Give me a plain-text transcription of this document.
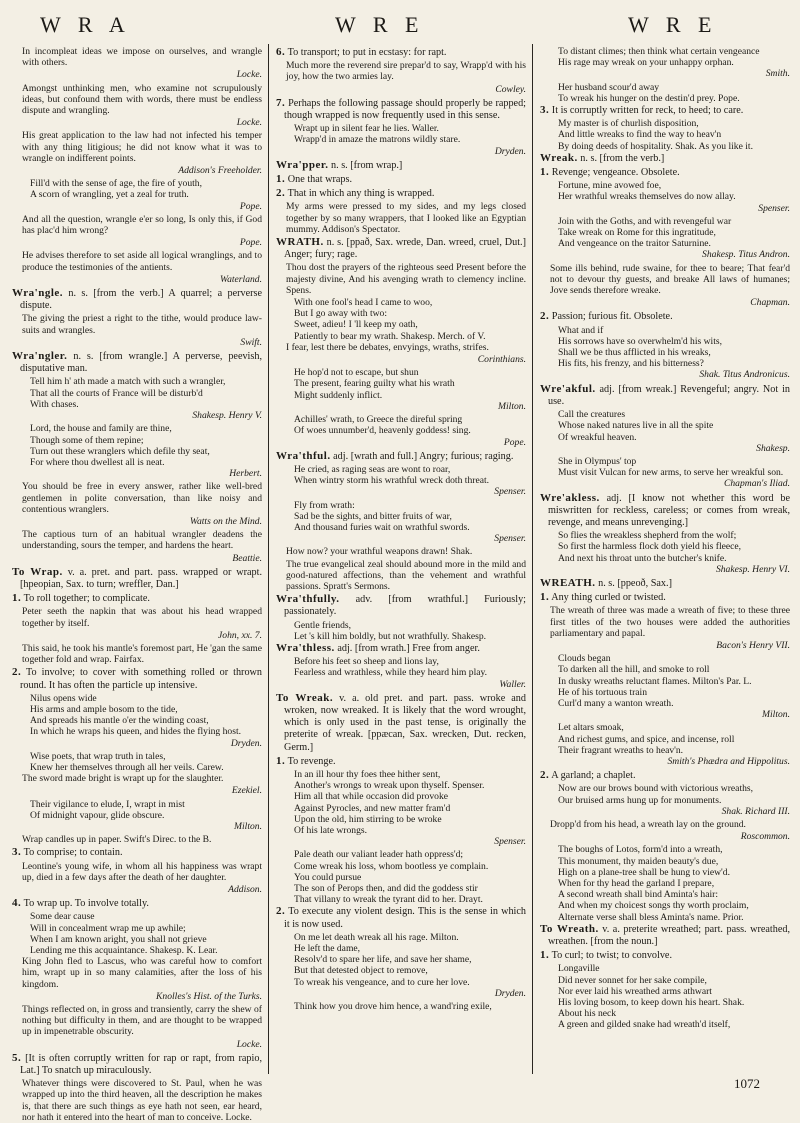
W R A	W R E	W R E
In incompleat ideas we impose on ourselves, and wrangle with others.
Locke.
Amongst unthinking men, who examine not scrupulously ideas, but confound them with words, there must be endless dispute and wrangling.
Locke.
His great application to the law had not infected his temper with any thing litigious; he did not know what it was to wrangle on indifferent points.
Addison's Freeholder.
Fill'd with the sense of age, the fire of youth,
A scorn of wrangling, yet a zeal for truth.
Pope.
And all the question, wrangle e'er so long, Is only this, if God has plac'd him wrong?
Pope.
He advises therefore to set aside all logical wranglings, and to produce the testimonies of the antients.
Waterland.
Wra'ngle. n. s. [from the verb.] A quarrel; a perverse dispute.
The giving the priest a right to the tithe, would produce law-suits and wrangles.
Swift.
Wra'ngler. n. s. [from wrangle.] A perverse, peevish, disputative man.
Tell him h' ath made a match with such a wrangler,
That all the courts of France will be disturb'd
With chases.
Shakesp. Henry V.
Lord, the house and family are thine,
Though some of them repine;
Turn out these wranglers which defile thy seat,
For where thou dwellest all is neat.
Herbert.
You should be free in every answer, rather like well-bred gentlemen in polite conversation, than like noisy and contentious wranglers.
Watts on the Mind.
The captious turn of an habitual wrangler deadens the understanding, sours the temper, and hardens the heart.
Beattie.
To Wrap. v. a. pret. and part. pass. wrapped or wrapt. [hpeopian, Sax. to turn; wreffler, Dan.]
1. To roll together; to complicate.
Peter seeth the napkin that was about his head wrapped together by itself.
John, xx. 7.
This said, he took his mantle's foremost part, He 'gan the same together fold and wrap. Fairfax.
2. To involve; to cover with something rolled or thrown round. It has often the particle up intensive.
Nilus opens wide
His arms and ample bosom to the tide,
And spreads his mantle o'er the winding coast,
In which he wraps his queen, and hides the flying host.
Dryden.
Wise poets, that wrap truth in tales,
Knew her themselves through all her veils. Carew.
The sword made bright is wrapt up for the slaughter.
Ezekiel.
Their vigilance to elude, I, wrapt in mist
Of midnight vapour, glide obscure.
Milton.
Wrap candles up in paper. Swift's Direc. to the B.
3. To comprise; to contain.
Leontine's young wife, in whom all his happiness was wrapt up, died in a few days after the death of her daughter.
Addison.
4. To wrap up. To involve totally.
Some dear cause
Will in concealment wrap me up awhile;
When I am known aright, you shall not grieve
Lending me this acquaintance. Shakesp. K. Lear.
King John fled to Lascus, who was careful how to comfort him, wrapt up in so many calamities, after the loss of his kingdom.
Knolles's Hist. of the Turks.
Things reflected on, in gross and transiently, carry the shew of nothing but difficulty in them, and are thought to be wrapped up in impenetrable obscurity.
Locke.
5. [It is often corruptly written for rap or rapt, from rapio, Lat.] To snatch up miraculously.
Whatever things were discovered to St. Paul, when he was wrapped up into the third heaven, all the description he makes is, that there are such things as eye hath not seen, ear heard, nor hath it entered into the heart of man to conceive. Locke.
6. To transport; to put in ecstasy: for rapt.
Much more the reverend sire prepar'd to say, Wrapp'd with his joy, how the two armies lay.
Cowley.
7. Perhaps the following passage should properly be rapped; though wrapped is now frequently used in this sense.
Wrapt up in silent fear he lies. Waller.
Wrapp'd in amaze the matrons wildly stare.
Dryden.
Wra'pper. n. s. [from wrap.]
1. One that wraps.
2. That in which any thing is wrapped.
My arms were pressed to my sides, and my legs closed together by so many wrappers, that I looked like an Egyptian mummy. Addison's Spectator.
WRATH. n. s. [ppað, Sax. wrede, Dan. wreed, cruel, Dut.] Anger; fury; rage.
Thou dost the prayers of the righteous seed Present before the majesty divine, And his avenging wrath to clemency incline. Spens.
With one fool's head I came to woo,
But I go away with two:
Sweet, adieu! I 'll keep my oath,
Patiently to bear my wrath. Shakesp. Merch. of V.
I fear, lest there be debates, envyings, wraths, strifes.
Corinthians.
He hop'd not to escape, but shun
The present, fearing guilty what his wrath
Might suddenly inflict.
Milton.
Achilles' wrath, to Greece the direful spring
Of woes unnumber'd, heavenly goddess! sing.
Pope.
Wra'thful. adj. [wrath and full.] Angry; furious; raging.
He cried, as raging seas are wont to roar,
When wintry storm his wrathful wreck doth threat.
Spenser.
Fly from wrath:
Sad be the sights, and bitter fruits of war,
And thousand furies wait on wrathful swords.
Spenser.
How now? your wrathful weapons drawn! Shak.
The true evangelical zeal should abound more in the mild and good-natured affections, than the vehement and wrathful passions. Spratt's Sermons.
Wra'thfully. adv. [from wrathful.] Furiously; passionately.
Gentle friends,
Let 's kill him boldly, but not wrathfully. Shakesp.
Wra'thless. adj. [from wrath.] Free from anger.
Before his feet so sheep and lions lay,
Fearless and wrathless, while they heard him play.
Waller.
To Wreak. v. a. old pret. and part. pass. wroke and wroken, now wreaked. It is likely that the word wrought, which is only used in the past tense, is originally the preterite of wreak. [ppæcan, Sax. wrecken, Dut. recken, Germ.]
1. To revenge.
In an ill hour thy foes thee hither sent,
Another's wrongs to wreak upon thyself. Spenser.
Him all that while occasion did provoke
Against Pyrocles, and new matter fram'd
Upon the old, him stirring to be wroke
Of his late wrongs.
Spenser.
Pale death our valiant leader hath oppress'd;
Come wreak his loss, whom bootless ye complain.
You could pursue
The son of Perops then, and did the goddess stir
That villany to wreak the tyrant did to her. Drayt.
2. To execute any violent design. This is the sense in which it is now used.
On me let death wreak all his rage. Milton.
He left the dame,
Resolv'd to spare her life, and save her shame,
But that detested object to remove,
To wreak his vengeance, and to cure her love.
Dryden.
Think how you drove him hence, a wand'ring exile,
To distant climes; then think what certain vengeance
His rage may wreak on your unhappy orphan.
Smith.
Her husband scour'd away
To wreak his hunger on the destin'd prey. Pope.
3. It is corruptly written for reck, to heed; to care.
My master is of churlish disposition,
And little wreaks to find the way to heav'n
By doing deeds of hospitality. Shak. As you like it.
Wreak. n. s. [from the verb.]
1. Revenge; vengeance. Obsolete.
Fortune, mine avowed foe,
Her wrathful wreaks themselves do now allay.
Spenser.
Join with the Goths, and with revengeful war
Take wreak on Rome for this ingratitude,
And vengeance on the traitor Saturnine.
Shakesp. Titus Andron.
Some ills behind, rude swaine, for thee to beare; That fear'd not to devour thy guests, and breake All laws of humanes; Jove sends therefore wreake.
Chapman.
2. Passion; furious fit. Obsolete.
What and if
His sorrows have so overwhelm'd his wits,
Shall we be thus afflicted in his wreaks,
His fits, his frenzy, and his bitterness?
Shak. Titus Andronicus.
Wre'akful. adj. [from wreak.] Revengeful; angry. Not in use.
Call the creatures
Whose naked natures live in all the spite
Of wreakful heaven.
Shakesp.
She in Olympus' top
Must visit Vulcan for new arms, to serve her wreakful son.
Chapman's Iliad.
Wre'akless. adj. [I know not whether this word be miswritten for reckless, careless; or comes from wreak, revenge, and means unrevenging.]
So flies the wreakless shepherd from the wolf;
So first the harmless flock doth yield his fleece,
And next his throat unto the butcher's knife.
Shakesp. Henry VI.
WREATH. n. s. [ppeoð, Sax.]
1. Any thing curled or twisted.
The wreath of three was made a wreath of five; to these three first titles of the two houses were added the authorities parliamentary and papal.
Bacon's Henry VII.
Clouds began
To darken all the hill, and smoke to roll
In dusky wreaths reluctant flames. Milton's Par. L.
He of his tortuous train
Curl'd many a wanton wreath.
Milton.
Let altars smoak,
And richest gums, and spice, and incense, roll
Their fragrant wreaths to heav'n.
Smith's Phædra and Hippolitus.
2. A garland; a chaplet.
Now are our brows bound with victorious wreaths,
Our bruised arms hung up for monuments.
Shak. Richard III.
Dropp'd from his head, a wreath lay on the ground.
Roscommon.
The boughs of Lotos, form'd into a wreath,
This monument, thy maiden beauty's due,
High on a plane-tree shall be hung to view'd.
When for thy head the garland I prepare,
A second wreath shall bind Aminta's hair:
And when my choicest songs thy worth proclaim,
Alternate verse shall bless Aminta's name. Prior.
To Wreath. v. a. preterite wreathed; part. pass. wreathed, wreathen. [from the noun.]
1. To curl; to twist; to convolve.
Longaville
Did never sonnet for her sake compile,
Nor ever laid his wreathed arms athwart
His loving bosom, to keep down his heart. Shak.
About his neck
A green and gilded snake had wreath'd itself,
1072
